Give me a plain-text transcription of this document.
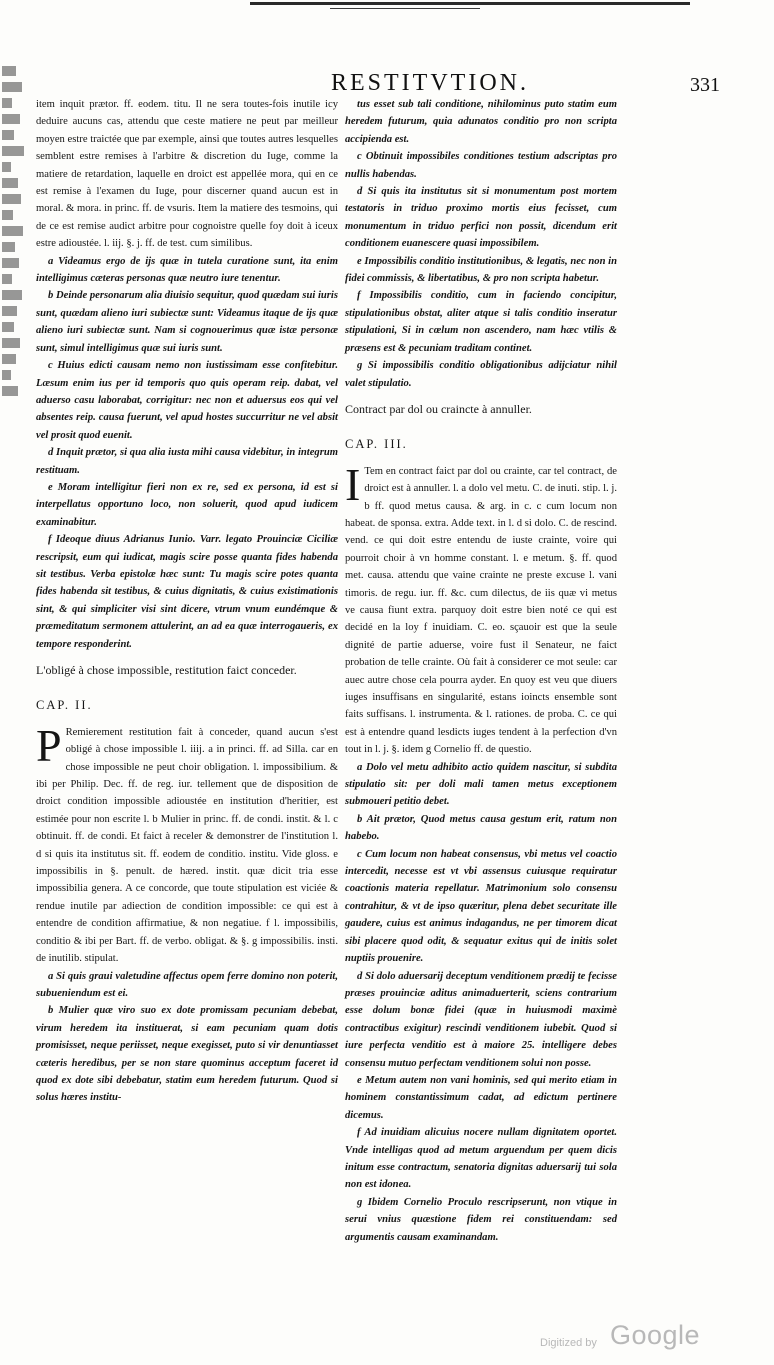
RESTITVTION.	331

item inquit prætor. ff. eodem. titu. Il ne sera toutes-fois inutile icy deduire aucuns cas, attendu que ceste matiere ne peut par meilleur moyen estre traictée que par exemple, ainsi que toutes autres lesquelles semblent estre remises à l'arbitre & discretion du Iuge, comme la matiere de retardation, laquelle en droict est appellée mora, qui en ce est remise à l'examen du Iuge, pour discerner quand aucun est in moral. & mora. in princ. ff. de vsuris. Item la matiere des tesmoins, qui de ce est remise audict arbitre pour cognoistre quelle foy doit à iceux estre adioustée. l. iij. §. j. ff. de test. cum similibus.

a Videamus ergo de ijs quæ in tutela curatione sunt, ita enim intelligimus cæteras personas quæ neutro iure tenentur.

b Deinde personarum alia diuisio sequitur, quod quædam sui iuris sunt, quædam alieno iuri subiectæ sunt: Videamus itaque de ijs quæ alieno iuri subiectæ sunt. Nam si cognouerimus quæ istæ personæ sunt, simul intelligimus quæ sui iuris sunt.

c Huius edicti causam nemo non iustissimam esse confitebitur. Læsum enim ius per id temporis quo quis operam reip. dabat, vel aduerso casu laborabat, corrigitur: nec non et aduersus eos qui vel absentes reip. causa fuerunt, vel apud hostes succurritur ne vel absit vel prosit quod euenit.

d Inquit prætor, si qua alia iusta mihi causa videbitur, in integrum restituam.

e Moram intelligitur fieri non ex re, sed ex persona, id est si interpellatus opportuno loco, non soluerit, quod apud iudicem examinabitur.

f Ideoque diuus Adrianus Iunio. Varr. legato Prouinciæ Ciciliæ rescripsit, eum qui iudicat, magis scire posse quanta fides habenda sit testibus. Verba epistolæ hæc sunt: Tu magis scire potes quanta fides habenda sit testibus, & cuius dignitatis, & cuius existimationis sint, & qui simpliciter visi sint dicere, vtrum vnum eundémque & præmeditatum sermonem attulerint, an ad ea quæ interrogaueris, ex tempore responderint.

L'obligé à chose impossible, restitution faict conceder.

CAP. II.

P Remierement restitution fait à conceder, quand aucun s'est obligé à chose impossible l. iiij. a in princi. ff. ad Silla. car en chose impossible ne peut choir obligation. l. impossibilium. & ibi per Philip. Dec. ff. de reg. iur. tellement que de disposition de droict condition impossible adioustée en institution d'heritier, est estimée pour non escrite l. b Mulier in princ. ff. de condi. instit. & l. c obtinuit. ff. de condi. Et faict à receler & demonstrer de l'institution l. d si quis ita institutus sit. ff. eodem de conditio. institu. Vide gloss. e impossibilis in §. penult. de hæred. instit. quæ dicit tria esse impossibilia genera. A ce concorde, que toute stipulation est viciée & rendue inutile par adiection de condition impossible: ce qui est à entendre de condition affirmatiue, & non negatiue. f l. impossibilis, conditio & ibi per Bart. ff. de verbo. obligat. & §. g impossibilis. insti. de inutilib. stipulat.

a Si quis graui valetudine affectus opem ferre domino non poterit, subueniendum est ei.

b Mulier quæ viro suo ex dote promissam pecuniam debebat, virum heredem ita instituerat, si eam pecuniam quam dotis promisisset, neque periisset, neque exegisset, puto si vir denuntiasset cæteris heredibus, per se non stare quominus acceptum faceret id quod ex dote sibi debebatur, statim eum heredem futurum. Quod si solus hæres institu-

tus esset sub tali conditione, nihilominus puto statim eum heredem futurum, quia adunatos conditio pro non scripta accipienda est.

c Obtinuit impossibiles conditiones testium adscriptas pro nullis habendas.

d Si quis ita institutus sit si monumentum post mortem testatoris in triduo proximo mortis eius fecisset, cum monumentum in triduo perfici non possit, dicendum erit conditionem euanescere quasi impossibilem.

e Impossibilis conditio institutionibus, & legatis, nec non in fidei commissis, & libertatibus, & pro non scripta habetur.

f Impossibilis conditio, cum in faciendo concipitur, stipulationibus obstat, aliter atque si talis conditio inseratur stipulationi, Si in cœlum non ascendero, nam hæc vtilis & præsens est & pecuniam traditam continet.

g Si impossibilis conditio obligationibus adijciatur nihil valet stipulatio.

Contract par dol ou craincte à annuller.

CAP. III.

I Tem en contract faict par dol ou crainte, car tel contract, de droict est à annuller. l. a dolo vel metu. C. de inuti. stip. l. j. b ff. quod metus causa. & arg. in c. c cum locum non habeat. de sponsa. extra. Adde text. in l. d si dolo. C. de rescind. vend. ce qui doit estre entendu de iuste crainte, voire qui pourroit choir à vn homme constant. l. e metum. §. ff. quod met. causa. attendu que vaine crainte ne preste excuse l. vani timoris. de regu. iur. ff. &c. cum dilectus, de iis quæ vi metus ve causa fiunt extra. parquoy doit estre bien noté ce qui est decidé en la loy f inuidiam. C. eo. sçauoir est que la seule dignité de partie aduerse, voire fust il Senateur, ne faict probation de telle crainte. Où fait à considerer ce mot seule: car auec autre chose cela pourra ayder. En quoy est veu que diuers iuges insuffisans en singularité, estans ioincts ensemble sont faits suffisans. l. instrumenta. & l. rationes. de proba. C. ce qui est à entendre quand lesdicts iuges tendent à la perfection d'vn tout in l. j. §. idem g Cornelio ff. de questio.

a Dolo vel metu adhibito actio quidem nascitur, si subdita stipulatio sit: per doli mali tamen metus exceptionem submoueri petitio debet.

b Ait prætor, Quod metus causa gestum erit, ratum non habebo.

c Cum locum non habeat consensus, vbi metus vel coactio intercedit, necesse est vt vbi assensus cuiusque requiratur coactionis materia repellatur. Matrimonium solo consensu contrahitur, & vt de ipso quæritur, plena debet securitate ille gaudere, cuius est animus indagandus, ne per timorem dicat sibi placere quod odit, & sequatur exitus qui de initis solet nuptiis prouenire.

d Si dolo aduersarij deceptum venditionem prædij te fecisse præses prouinciæ aditus animaduerterit, sciens contrarium esse dolum bonæ fidei (quæ in huiusmodi maximè contractibus exigitur) rescindi venditionem iubebit. Quod si iure perfecta venditio est à maiore 25. intelligere debes consensu mutuo perfectam venditionem solui non posse.

e Metum autem non vani hominis, sed qui merito etiam in hominem constantissimum cadat, ad edictum pertinere dicemus.

f Ad inuidiam alicuius nocere nullam dignitatem oportet. Vnde intelligas quod ad metum arguendum per quem dicis initum esse contractum, senatoria dignitas aduersarij tui sola non est idonea.

g Ibidem Cornelio Proculo rescripserunt, non vtique in serui vnius quæstione fidem rei constituendam: sed argumentis causam examinandam.

Digitized by Google
